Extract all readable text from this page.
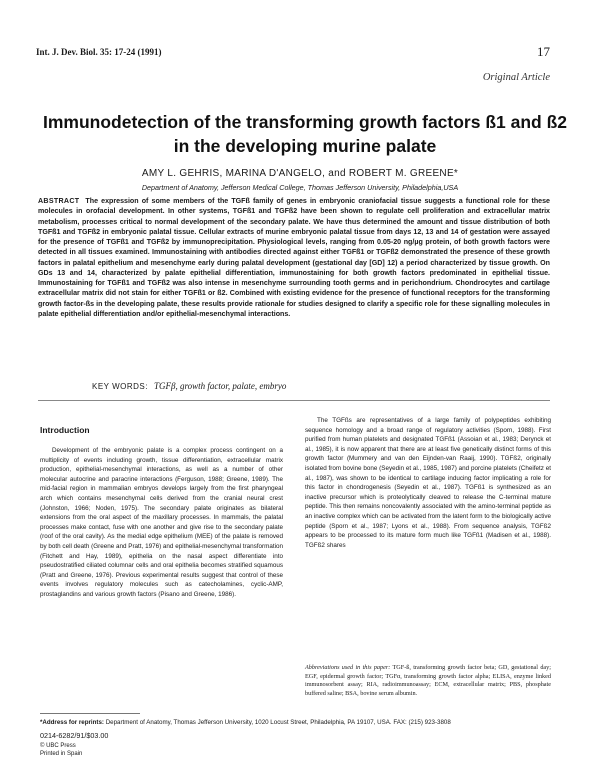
Int. J. Dev. Biol. 35: 17-24 (1991)	17
Original Article
Immunodetection of the transforming growth factors ß1 and ß2 in the developing murine palate
AMY L. GEHRIS, MARINA D'ANGELO, and ROBERT M. GREENE*
Department of Anatomy, Jefferson Medical College, Thomas Jefferson University, Philadelphia,USA

ABSTRACT The expression of some members of the TGFß family of genes in embryonic craniofacial tissue suggests a functional role for these molecules in orofacial development. In other systems, TGFß1 and TGFß2 have been shown to regulate cell proliferation and extracellular matrix metabolism, processes critical to normal development of the secondary palate. We have thus determined the amount and tissue distribution of both TGFß1 and TGFß2 in embryonic palatal tissue. Cellular extracts of murine embryonic palatal tissue from days 12, 13 and 14 of gestation were assayed for the presence of TGFß1 and TGFß2 by immunoprecipitation. Physiological levels, ranging from 0.05-20 ng/µg protein, of both growth factors were detected in all tissues examined. Immunostaining with antibodies directed against either TGFß1 or TGFß2 demonstrated the presence of these growth factors in palatal epithelium and mesenchyme early during palatal development (gestational day [GD] 12) a period characterized by tissue growth. On GDs 13 and 14, characterized by palate epithelial differentiation, immunostaining for both growth factors predominated in epithelial tissue. Immunostaining for TGFß1 and TGFß2 was also intense in mesenchyme surrounding tooth germs and in perichondrium. Chondrocytes and cartilage extracellular matrix did not stain for either TGFß1 or ß2. Combined with existing evidence for the presence of functional receptors for the transforming growth factor-ßs in the developing palate, these results provide rationale for studies designed to clarify a specific role for these signalling molecules in palate epithelial differentiation and/or epithelial-mesenchymal interactions.

KEY WORDS: TGFβ, growth factor, palate, embryo
Introduction

Development of the embryonic palate is a complex process contingent on a multiplicity of events including growth, tissue differentiation, extracellular matrix production, epithelial-mesenchymal interactions, as well as a number of other molecular autocrine and paracrine interactions (Ferguson, 1988; Greene, 1989). The mid-facial region in mammalian embryos develops largely from the first pharyngeal arch which contains mesenchymal cells derived from the cranial neural crest (Johnston, 1966; Noden, 1975). The secondary palate originates as bilateral extensions from the oral aspect of the maxillary processes. In mammals, the palatal processes make contact, fuse with one another and give rise to the secondary palate (roof of the oral cavity). As the medial edge epithelium (MEE) of the palate is removed by both cell death (Greene and Pratt, 1976) and epithelial-mesenchymal transformation (Fitchett and Hay, 1989), epithelia on the nasal aspect differentiate into pseudostratified ciliated columnar cells and oral epithelia becomes stratified squamous (Pratt and Greene, 1976). Previous experimental results suggest that control of these events involves regulatory molecules such as catecholamines, cyclic-AMP, prostaglandins and various growth factors (Pisano and Greene, 1986).

The TGFßs are representatives of a large family of polypeptides exhibiting sequence homology and a broad range of regulatory activities (Sporn, 1988). First purified from human platelets and designated TGFß1 (Assoian et al., 1983; Derynck et al., 1985), it is now apparent that there are at least five genetically distinct forms of this growth factor (Mummery and van den Eijnden-van Raaij, 1990). TGFß2, originally isolated from bovine bone (Seyedin et al., 1985, 1987) and porcine platelets (Cheifetz et al., 1987), was shown to be identical to cartilage inducing factor implicating a role for this factor in chondrogenesis (Seyedin et al., 1987). TGFß1 is synthesized as an inactive precursor which is proteolytically cleaved to release the C-terminal mature peptide. This then remains noncovalently associated with the amino-terminal peptide as an inactive complex which can be activated from the latent form to the biologically active peptide (Sporn et al., 1987; Lyons et al., 1988). From sequence analysis, TGFß2 appears to be processed to its mature form much like TGFß1 (Madisen et al., 1988). TGFß2 shares

Abbreviations used in this paper: TGF-ß, transforming growth factor beta; GD, gestational day; EGF, epidermal growth factor; TGFα, transforming growth factor alpha; ELISA, enzyme linked immunosorbent assay; RIA, radioimmunoassay; ECM, extracellular matrix; PBS, phosphate buffered saline; BSA, bovine serum albumin.
*Address for reprints: Department of Anatomy, Thomas Jefferson University, 1020 Locust Street, Philadelphia, PA 19107, USA. FAX: (215) 923-3808
0214-6282/91/$03.00
© UBC Press
Printed in Spain
